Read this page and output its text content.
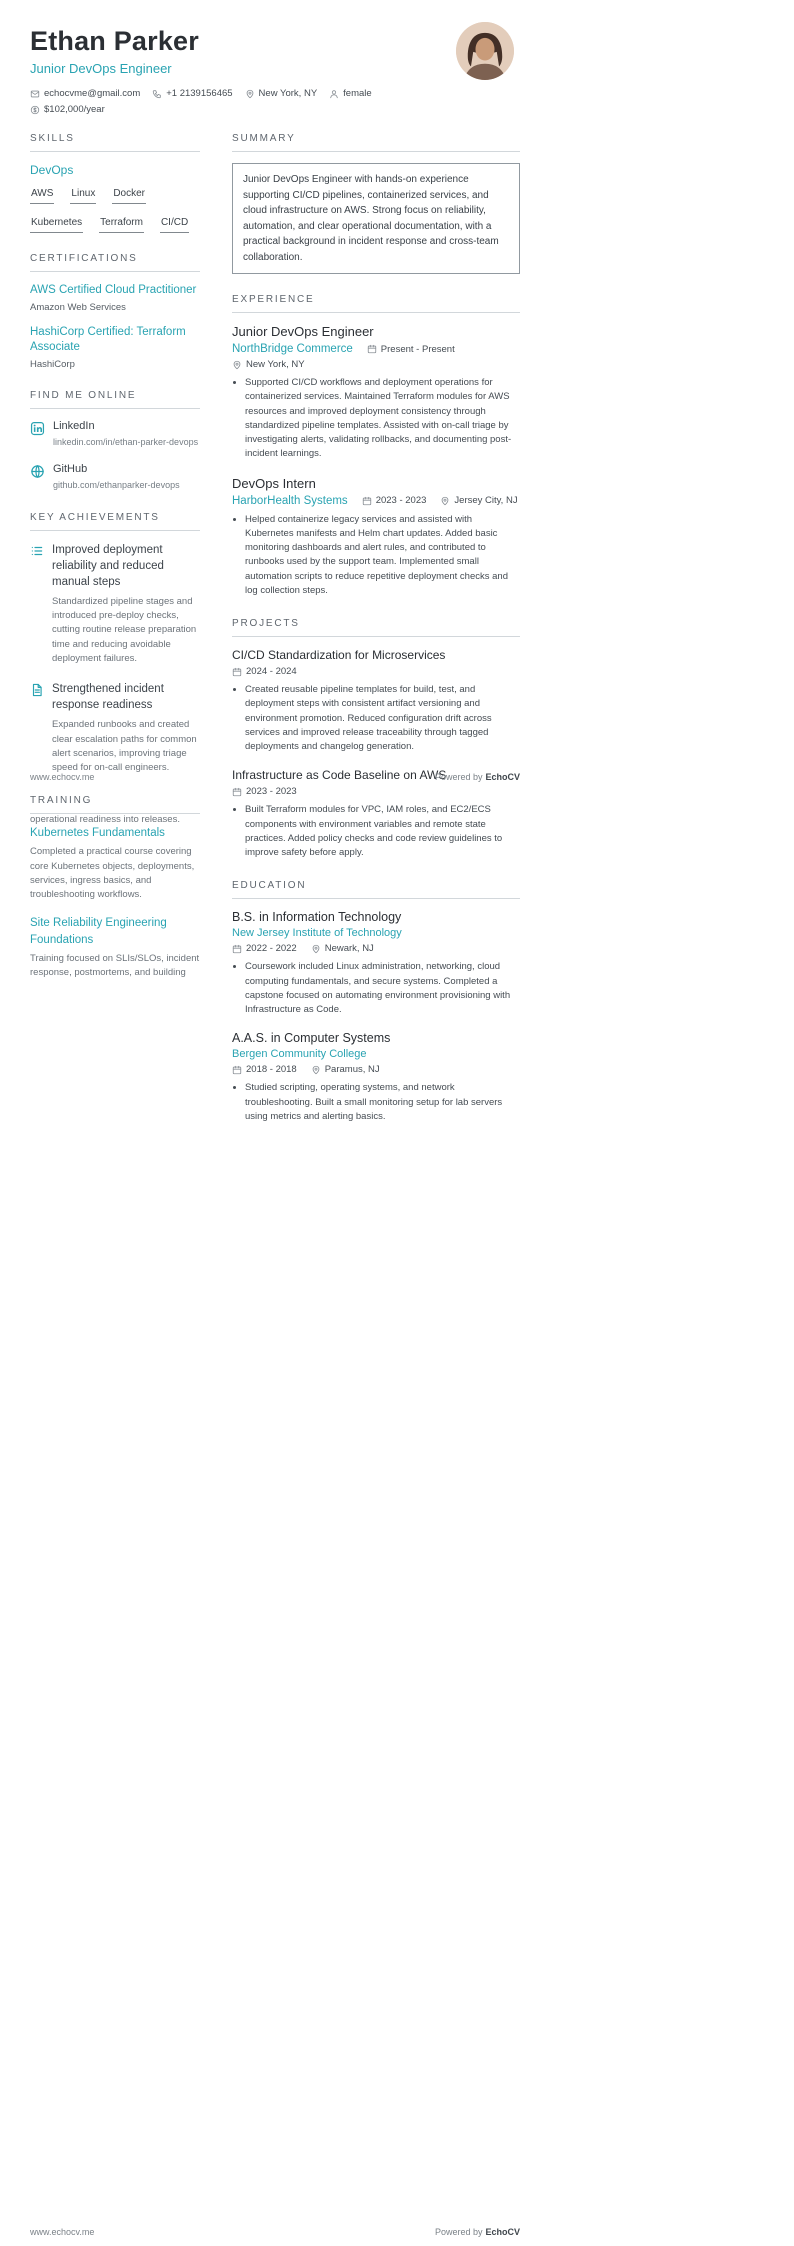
Ethan Parker
Junior DevOps Engineer
echocvme@gmail.com	+1 2139156465	New York, NY	female
$102,000/year
SKILLS
DevOps
AWS Linux Docker
Kubernetes Terraform CI/CD
CERTIFICATIONS
AWS Certified Cloud Practitioner
Amazon Web Services
HashiCorp Certified: Terraform Associate
HashiCorp
FIND ME ONLINE
LinkedIn
linkedin.com/in/ethan-parker-devops
GitHub
github.com/ethanparker-devops
KEY ACHIEVEMENTS
Improved deployment reliability and reduced manual steps
Standardized pipeline stages and introduced pre-deploy checks, cutting routine release preparation time and reducing avoidable deployment failures.
Strengthened incident response readiness
Expanded runbooks and created clear escalation paths for common alert scenarios, improving triage speed for on-call engineers.
TRAINING
Kubernetes Fundamentals
Completed a practical course covering core Kubernetes objects, deployments, services, ingress basics, and troubleshooting workflows.
Site Reliability Engineering Foundations
Training focused on SLIs/SLOs, incident response, postmortems, and building
SUMMARY
Junior DevOps Engineer with hands-on experience supporting CI/CD pipelines, containerized services, and cloud infrastructure on AWS. Strong focus on reliability, automation, and clear operational documentation, with a practical background in incident response and cross-team collaboration.
EXPERIENCE
Junior DevOps Engineer
NorthBridge Commerce	Present - Present
New York, NY
• Supported CI/CD workflows and deployment operations for containerized services. Maintained Terraform modules for AWS resources and improved deployment consistency through standardized pipeline templates. Assisted with on-call triage by investigating alerts, validating rollbacks, and documenting post-incident learnings.
DevOps Intern
HarborHealth Systems	2023 - 2023	Jersey City, NJ
• Helped containerize legacy services and assisted with Kubernetes manifests and Helm chart updates. Added basic monitoring dashboards and alert rules, and contributed to runbooks used by the support team. Implemented small automation scripts to reduce repetitive deployment checks and log collection steps.
PROJECTS
CI/CD Standardization for Microservices
2024 - 2024
• Created reusable pipeline templates for build, test, and deployment steps with consistent artifact versioning and environment promotion. Reduced configuration drift across services and improved release traceability through tagged deployments and changelog generation.
Infrastructure as Code Baseline on AWS
2023 - 2023
• Built Terraform modules for VPC, IAM roles, and EC2/ECS components with environment variables and remote state practices. Added policy checks and code review guidelines to improve safety before apply.
EDUCATION
B.S. in Information Technology
New Jersey Institute of Technology
2022 - 2022	Newark, NJ
• Coursework included Linux administration, networking, cloud computing fundamentals, and secure systems. Completed a capstone focused on automating environment provisioning with Infrastructure as Code.
A.A.S. in Computer Systems
Bergen Community College
2018 - 2018	Paramus, NJ
• Studied scripting, operating systems, and network troubleshooting. Built a small monitoring setup for lab servers using metrics and alerting basics.
www.echocv.me	Powered by EchoCV
operational readiness into releases.
www.echocv.me	Powered by EchoCV
